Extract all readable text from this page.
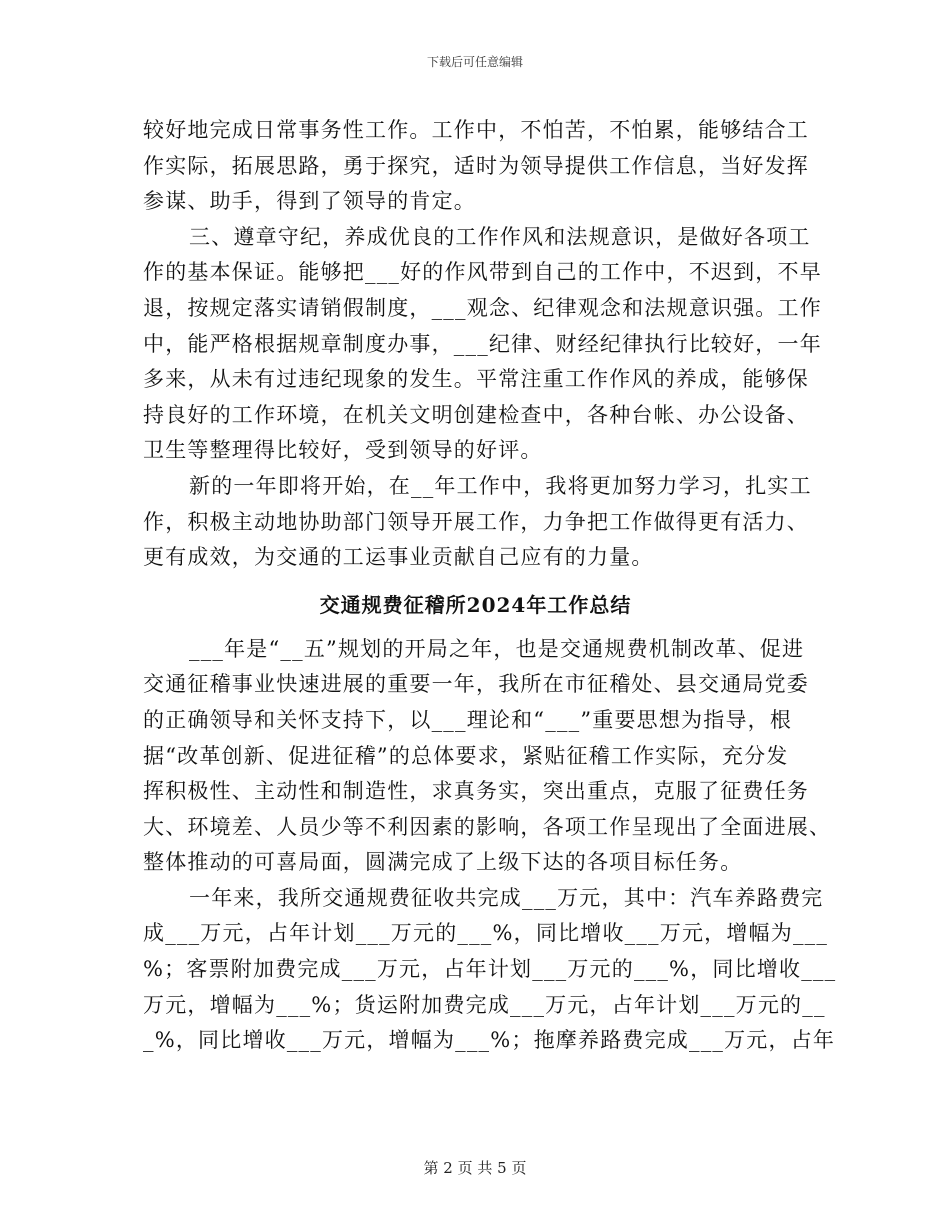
下载后可任意编辑
较好地完成日常事务性工作。工作中，不怕苦，不怕累，能够结合工
作实际，拓展思路，勇于探究，适时为领导提供工作信息，当好发挥
参谋、助手，得到了领导的肯定。
三、遵章守纪，养成优良的工作作风和法规意识，是做好各项工
作的基本保证。能够把___好的作风带到自己的工作中，不迟到，不早
退，按规定落实请销假制度，___观念、纪律观念和法规意识强。工作
中，能严格根据规章制度办事，___纪律、财经纪律执行比较好，一年
多来，从未有过违纪现象的发生。平常注重工作作风的养成，能够保
持良好的工作环境，在机关文明创建检查中，各种台帐、办公设备、
卫生等整理得比较好，受到领导的好评。
新的一年即将开始，在__年工作中，我将更加努力学习，扎实工
作，积极主动地协助部门领导开展工作，力争把工作做得更有活力、
更有成效，为交通的工运事业贡献自己应有的力量。
交通规费征稽所2024年工作总结
___年是“__五”规划的开局之年，也是交通规费机制改革、促进
交通征稽事业快速进展的重要一年，我所在市征稽处、县交通局党委
的正确领导和关怀支持下，以___理论和“___”重要思想为指导，根
据“改革创新、促进征稽”的总体要求，紧贴征稽工作实际，充分发
挥积极性、主动性和制造性，求真务实，突出重点，克服了征费任务
大、环境差、人员少等不利因素的影响，各项工作呈现出了全面进展、
整体推动的可喜局面，圆满完成了上级下达的各项目标任务。
一年来，我所交通规费征收共完成___万元，其中：汽车养路费完
成___万元，占年计划___万元的___%，同比增收___万元，增幅为___
%；客票附加费完成___万元，占年计划___万元的___%，同比增收___
万元，增幅为___%；货运附加费完成___万元，占年计划___万元的__
_%，同比增收___万元，增幅为___%；拖摩养路费完成___万元，占年
第 2 页 共 5 页
